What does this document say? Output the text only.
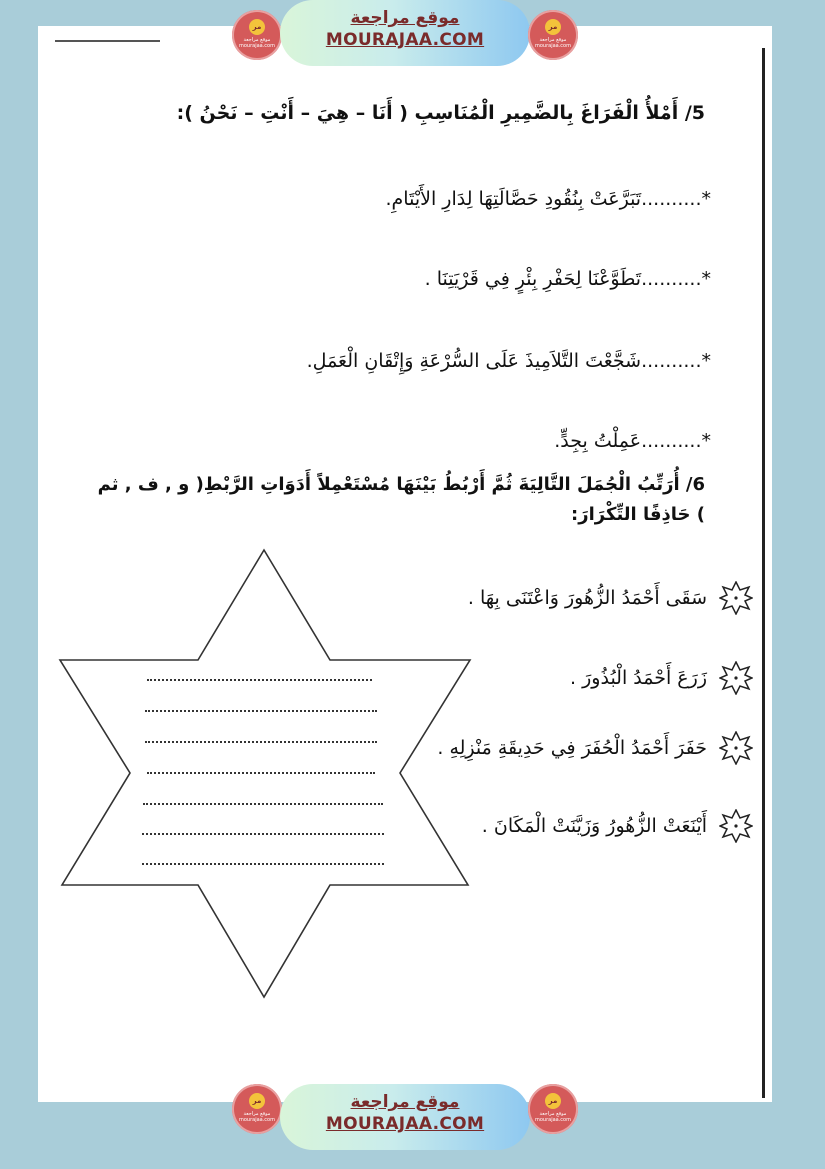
ﻣﺮ
موقع مراجعة mourajaa.com
موقع مراجعة
MOURAJAA.COM
ﻣﺮ
موقع مراجعة mourajaa.com
5/ أَمْلأُ الْفَرَاغَ بِالضَّمِيرِ الْمُنَاسِبِ ( أَنَا – هِيَ – أَنْتِ – نَحْنُ ):
*..........تَبَرَّعَتْ بِنُقُودِ حَصَّالَتِهَا لِدَارِ الأَيْتَامِ.
*..........تَطَوَّعْنَا لِحَفْرِ بِئْرٍ فِي قَرْيَتِنَا .
*..........شَجَّعْتَ التَّلاَمِيذَ عَلَى السُّرْعَةِ وَإِتْقَانِ الْعَمَلِ.
*..........عَمِلْتُ بِجِدٍّ.
6/ أُرَتِّبُ الْجُمَلَ التَّالِيَةَ ثُمَّ أَرْبُطُ بَيْنَهَا مُسْتَعْمِلاً أَدَوَاتِ الرَّبْطِ( و , ف , ثم ) حَاذِفًا التِّكْرَارَ:
سَقَى أَحْمَدُ الزُّهُورَ وَاعْتَنَى بِهَا .
زَرَعَ أَحْمَدُ الْبُذُورَ .
حَفَرَ أَحْمَدُ الْحُفَرَ فِي حَدِيقَةِ مَنْزِلِهِ .
أَيْنَعَتْ الزُّهُورُ وَزَيَّنَتْ الْمَكَانَ .
ﻣﺮ
موقع مراجعة mourajaa.com
موقع مراجعة
MOURAJAA.COM
ﻣﺮ
موقع مراجعة mourajaa.com
